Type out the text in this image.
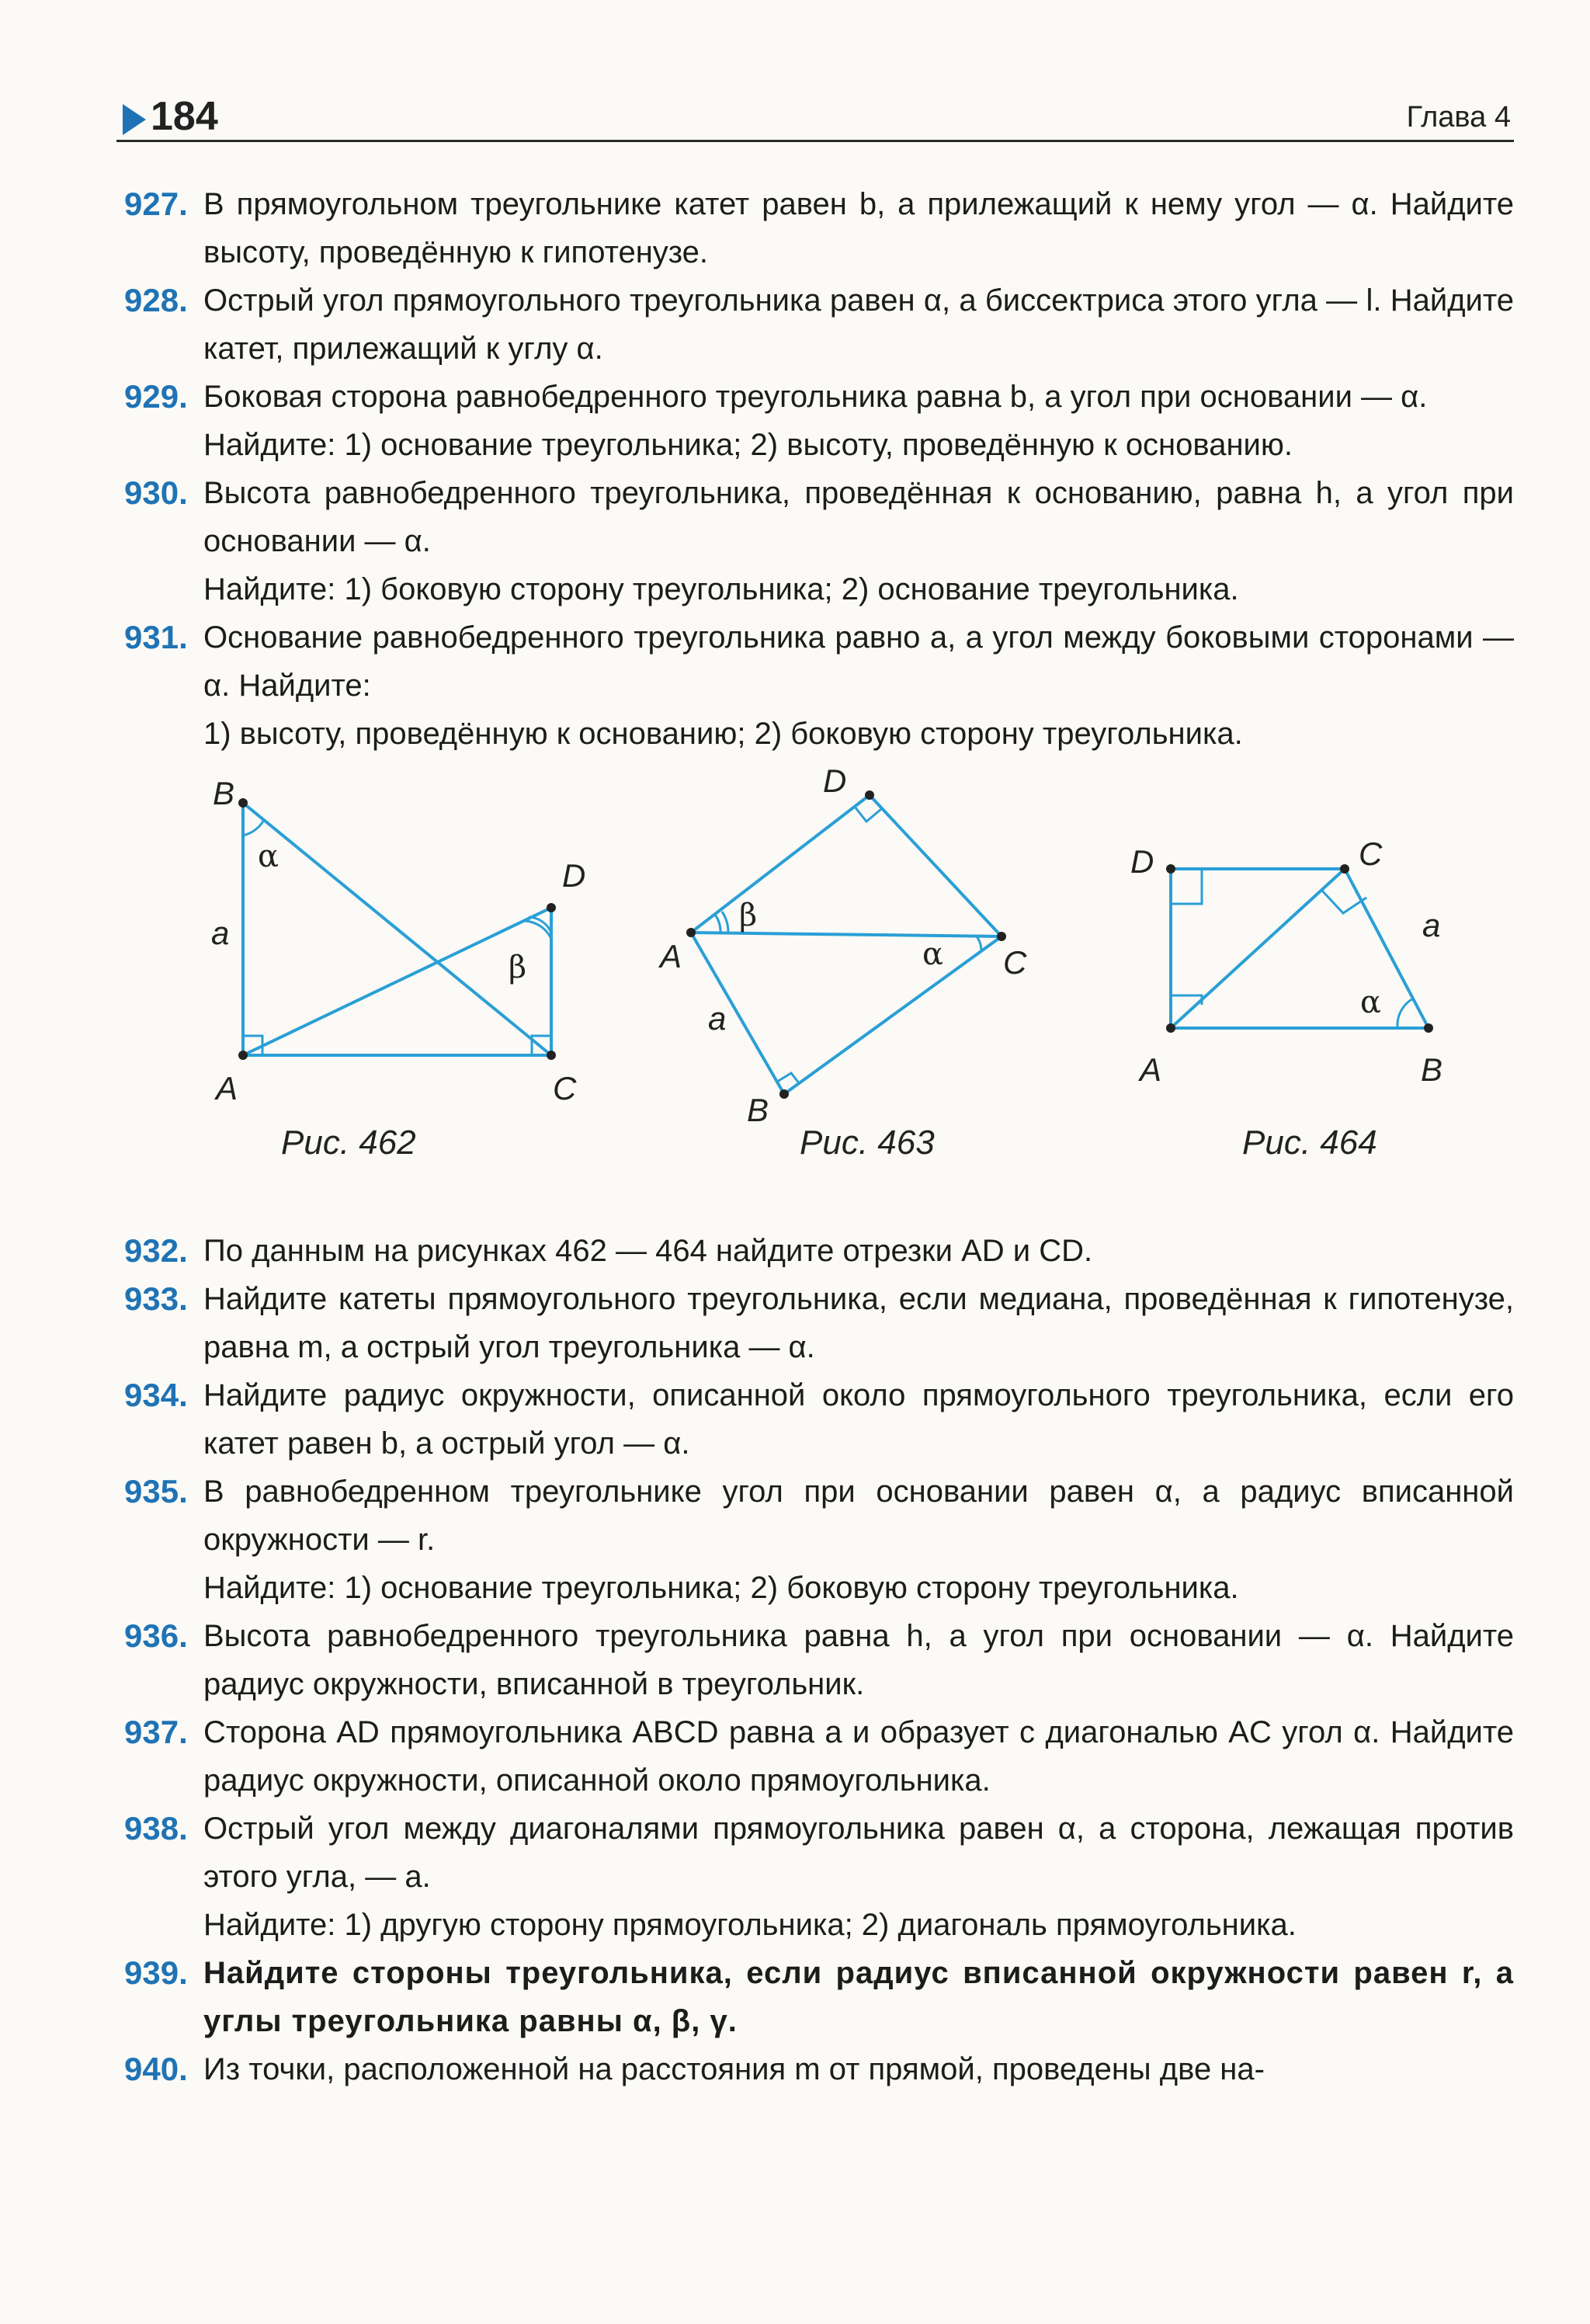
184	Глава 4
927. В прямоугольном треугольнике катет равен b, а прилежащий к нему угол — α. Найдите высоту, проведённую к гипотенузе.
928. Острый угол прямоугольного треугольника равен α, а биссектриса этого угла — l. Найдите катет, прилежащий к углу α.
929. Боковая сторона равнобедренного треугольника равна b, а угол при основании — α.
Найдите: 1) основание треугольника; 2) высоту, проведённую к основанию.
930. Высота равнобедренного треугольника, проведённая к основанию, равна h, а угол при основании — α.
Найдите: 1) боковую сторону треугольника; 2) основание треугольника.
931. Основание равнобедренного треугольника равно a, а угол между боковыми сторонами — α. Найдите:
1) высоту, проведённую к основанию; 2) боковую сторону треугольника.
B
D
A	C
a
α
β
Рис. 462
D
A	C
B
a
α
β
Рис. 463
D	C
A	B
a
α
Рис. 464
932. По данным на рисунках 462 — 464 найдите отрезки AD и CD.
933. Найдите катеты прямоугольного треугольника, если медиана, проведённая к гипотенузе, равна m, а острый угол треугольника — α.
934. Найдите радиус окружности, описанной около прямоугольного треугольника, если его катет равен b, а острый угол — α.
935. В равнобедренном треугольнике угол при основании равен α, а радиус вписанной окружности — r.
Найдите: 1) основание треугольника; 2) боковую сторону треугольника.
936. Высота равнобедренного треугольника равна h, а угол при основании — α. Найдите радиус окружности, вписанной в треугольник.
937. Сторона AD прямоугольника ABCD равна a и образует с диагональю AC угол α. Найдите радиус окружности, описанной около прямоугольника.
938. Острый угол между диагоналями прямоугольника равен α, а сторона, лежащая против этого угла, — a.
Найдите: 1) другую сторону прямоугольника; 2) диагональ прямоугольника.
939. Найдите стороны треугольника, если радиус вписанной окружности равен r, а углы треугольника равны α, β, γ.
940. Из точки, расположенной на расстояния m от прямой, проведены две на-
